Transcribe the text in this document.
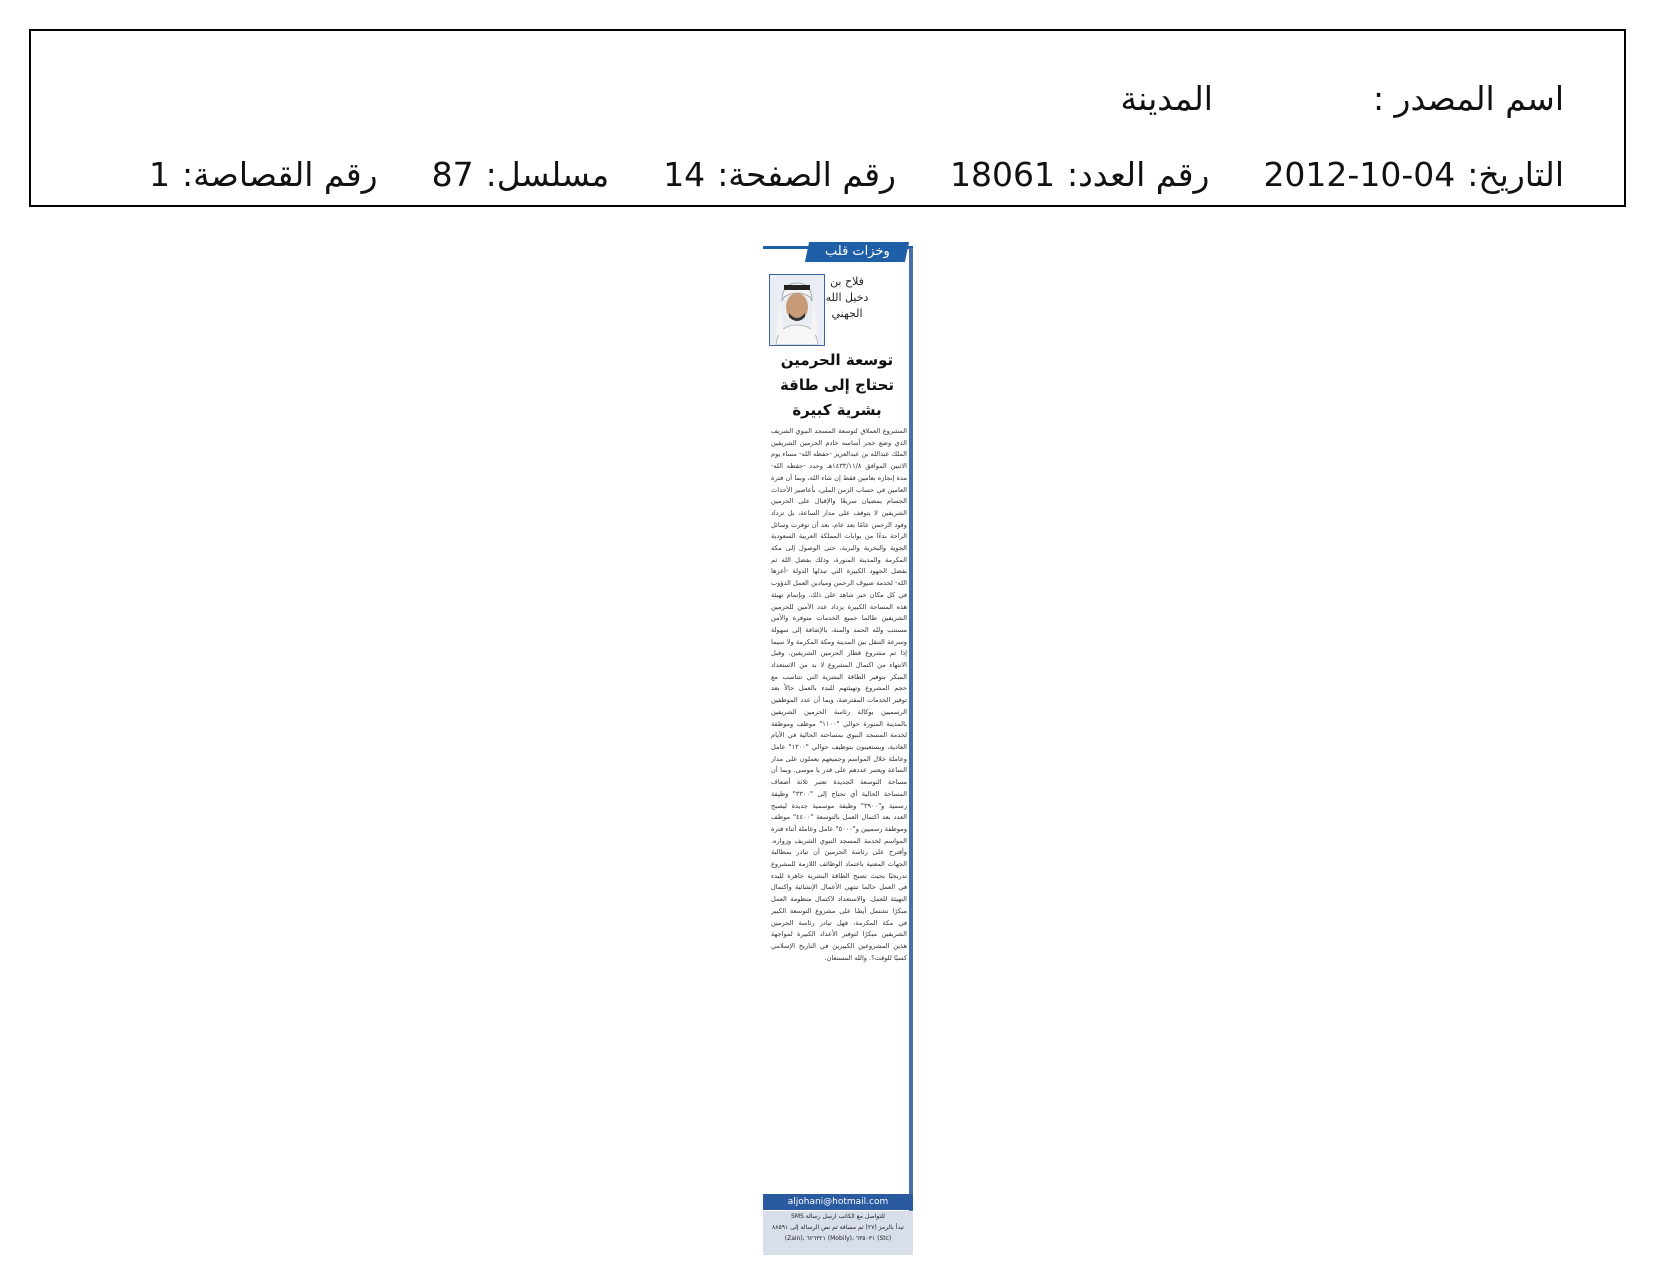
اسم المصدر :
المدينة
التاريخ:
2012-10-04
رقم العدد:
18061
رقم الصفحة:
14
مسلسل:
87
رقم القصاصة:
1
وخزات قلب
فلاح بن
دخيل الله
الجهني
توسعة الحرمين
تحتاج إلى طاقة
بشرية كبيرة
المشروع العملاق لتوسعة المسجد النبوي الشريف الذي وضع حجر أساسه خادم الحرمين الشريفين الملك عبدالله بن عبدالعزيز -حفظه الله- مساء يوم الاثنين الموافق ١٤٣٣/١١/٨هـ وحدد -حفظه الله- مدة إنجازه بعامين فقط إن شاء الله، وبما أن فترة العامين في حساب الزمن الملي، بأعاصير الأحداث الجسام يمضيان سريعًا والإقبال على الحرمين الشريفين لا يتوقف على مدار الساعة، بل تزداد وفود الرحمن عامًا بعد عام، بعد أن توفرت وسائل الراحة بدءًا من بوابات المملكة العربية السعودية الجوية والبحرية والبرية، حتى الوصول إلى مكة المكرمة والمدينة المنورة، وذلك بفضل الله ثم بفضل الجهود الكبيرة التي تبذلها الدولة -أعزها الله- لخدمة ضيوف الرحمن وميادين العمل الدؤوب في كل مكان خير شاهد على ذلك. وبإتمام تهيئة هذه المساحة الكبيرة يزداد عدد الآمين للحرمين الشريفين طالما جميع الخدمات متوفرة والأمن مستتب ولله الحمد والمنة، بالإضافة إلى سهولة وسرعة التنقل بين المدينة ومكة المكرمة ولا سيما إذا تم مشروع قطار الحرمين الشريفين. وقبل الانتهاء من اكتمال المشروع لا بد من الاستعداد المبكر بتوفير الطاقة البشرية التي تتناسب مع حجم المشروع وتهيئتهم للبدء بالعمل حالاً بعد توفير الخدمات المفترضة، وبما أن عدد الموظفين الرسميين بوكالة رئاسة الحرمين الشريفين بالمدينة المنورة حوالي "١١٠٠" موظف وموظفة لخدمة المسجد النبوي بمساحته الحالية في الأيام العادية، ويستعينون بتوظيف حوالي "١٣٠٠" عامل وعاملة خلال المواسم وجميعهم يعملون على مدار الساعة ويعتبر عددهم على قدر يا موسى. وبما أن مساحة التوسعة الجديدة تعتبر ثلاثة أضعاف المساحة الحالية أي تحتاج إلى "٣٣٠٠" وظيفة رسمية و"٣٩٠٠" وظيفة موسمية جديدة ليصبح العدد بعد اكتمال العمل بالتوسعة "٤٤٠٠" موظف وموظفة رسميين و"٥٠٠٠" عامل وعاملة أثناء فترة المواسم لخدمة المسجد النبوي الشريف وزواره. وأقترح على رئاسة الحرمين أن تبادر بمطالبة الجهات المعنية باعتماد الوظائف اللازمة للمشروع تدريجيًا بحيث تصبح الطاقة البشرية جاهزة للبدء في العمل حالما تنتهي الأعمال الإنشائية واكتمال التهيئة للعمل. والاستعداد لاكتمال منظومة العمل مبكرًا تشتمل أيضًا على مشروع التوسعة الكبير في مكة المكرمة، فهل تبادر رئاسة الحرمين الشريفين مبكرًا لتوفير الأعداد الكبيرة لمواجهة هذين المشروعين الكبيرين في التاريخ الإسلامي كسبًا للوقت؟. والله المستعان.
aljohani@hotmail.com
للتواصل مع الكاتب ارسل رسالة SMS
تبدأ بالرمز (٢٧) ثم مسافة ثم نص الرسالة إلى ٨٨٥٩١
(Stc) ٦٣٥٠٣١ ،(Mobily) ٦٢٦٣٢١ ،(Zain)
